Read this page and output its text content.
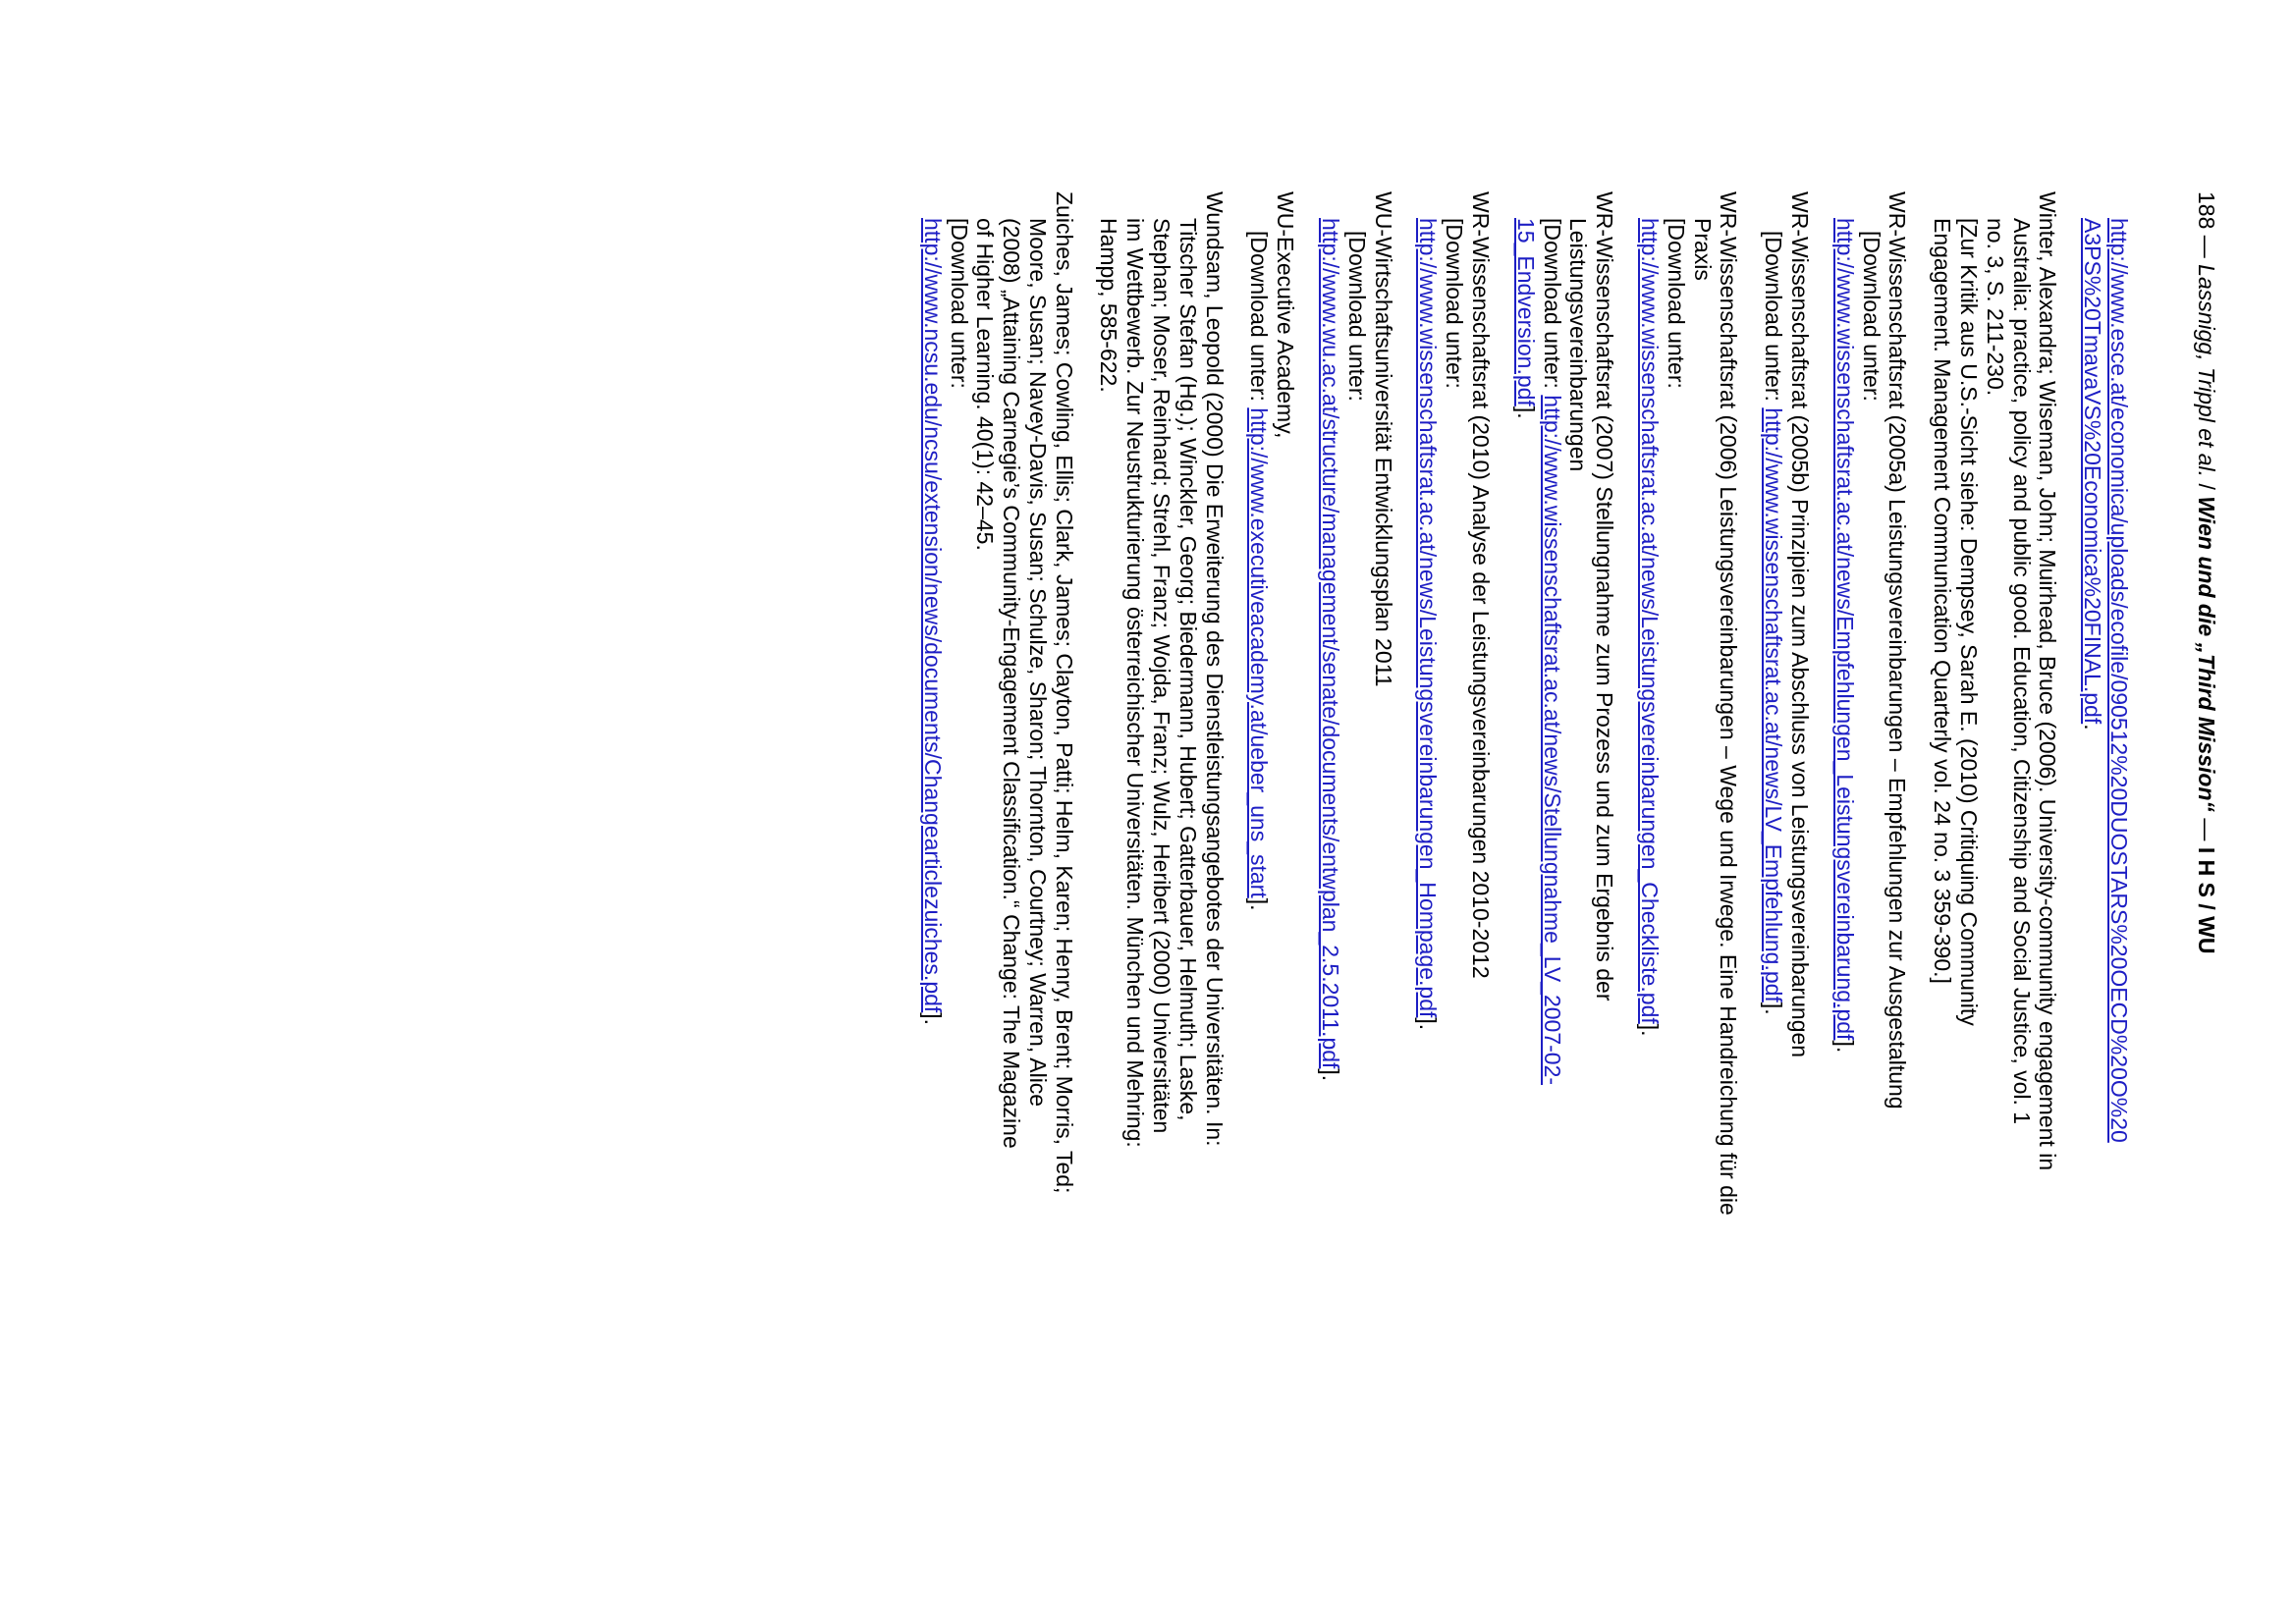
188 — Lassnigg, Trippl et al. / Wien und die „Third Mission“ — I H S / WU
http://www.esce.at/economica/uploads/ecofile/090512%20DUOSTARS%20OECD%20O%20
A3PS%20TmavaVS%20Economica%20FINAL.pdf.
Winter, Alexandra; Wiseman, John; Muirhead, Bruce (2006). University-community engagement in
Australia: practice, policy and public good. Education, Citizenship and Social Justice, vol. 1
no. 3, S. 211-230.
[Zur Kritik aus U.S.-Sicht siehe: Dempsey, Sarah E. (2010) Critiquing Community
Engagement. Management Communication Quarterly vol. 24 no. 3 359-390.]
WR-Wissenschaftsrat (2005a) Leistungsvereinbarungen – Empfehlungen zur Ausgestaltung
[Download unter:
http://www.wissenschaftsrat.ac.at/news/Empfehlungen_Leistungsvereinbarung.pdf].
WR-Wissenschaftsrat (2005b) Prinzipien zum Abschluss von Leistungsvereinbarungen
[Download unter: http://www.wissenschaftsrat.ac.at/news/LV_Empfehlung.pdf].
WR-Wissenschaftsrat (2006) Leistungsvereinbarungen – Wege und Irwege. Eine Handreichung für die
Praxis
[Download unter:
http://www.wissenschaftsrat.ac.at/news/Leistungsvereinbarungen_Checkliste.pdf].
WR-Wissenschaftsrat (2007) Stellungnahme zum Prozess und zum Ergebnis der
Leistungsvereinbarungen
[Download unter: http://www.wissenschaftsrat.ac.at/news/Stellungnahme_LV_2007-02-
15_Endversion.pdf].
WR-Wissenschaftsrat (2010) Analyse der Leistungsvereinbarungen 2010-2012
[Download unter:
http://www.wissenschaftsrat.ac.at/news/Leistungsvereinbarungen_Hompage.pdf].
WU-Wirtschaftsuniversität Entwicklungsplan 2011
[Download unter:
http://www.wu.ac.at/structure/management/senate/documents/entwplan_2.5.2011.pdf].
WU-Executive Academy,
[Download unter: http://www.executiveacademy.at/ueber_uns_start].
Wundsam, Leopold (2000) Die Erweiterung des Dienstleistungsangebotes der Universitäten. In:
Titscher Stefan (Hg.); Winckler, Georg; Biedermann, Hubert; Gatterbauer, Helmuth; Laske,
Stephan; Moser, Reinhard; Strehl, Franz; Wojda, Franz; Wulz, Heribert (2000) Universitäten
im Wettbewerb. Zur Neustrukturierung österreichischer Universitäten. München und Mehring:
Hampp, 585-622.
Zuiches, James; Cowling, Ellis; Clark, James; Clayton, Patti; Helm, Karen; Henry, Brent; Morris, Ted;
Moore, Susan; Navey-Davis, Susan; Schulze, Sharon; Thornton, Courtney; Warren, Alice
(2008) „Attaining Carnegie’s Community-Engagement Classification.“ Change: The Magazine
of Higher Learning. 40(1): 42–45.
[Download unter:
http://www.ncsu.edu/ncsu/extension/news/documents/Changearticlezuiches.pdf].
